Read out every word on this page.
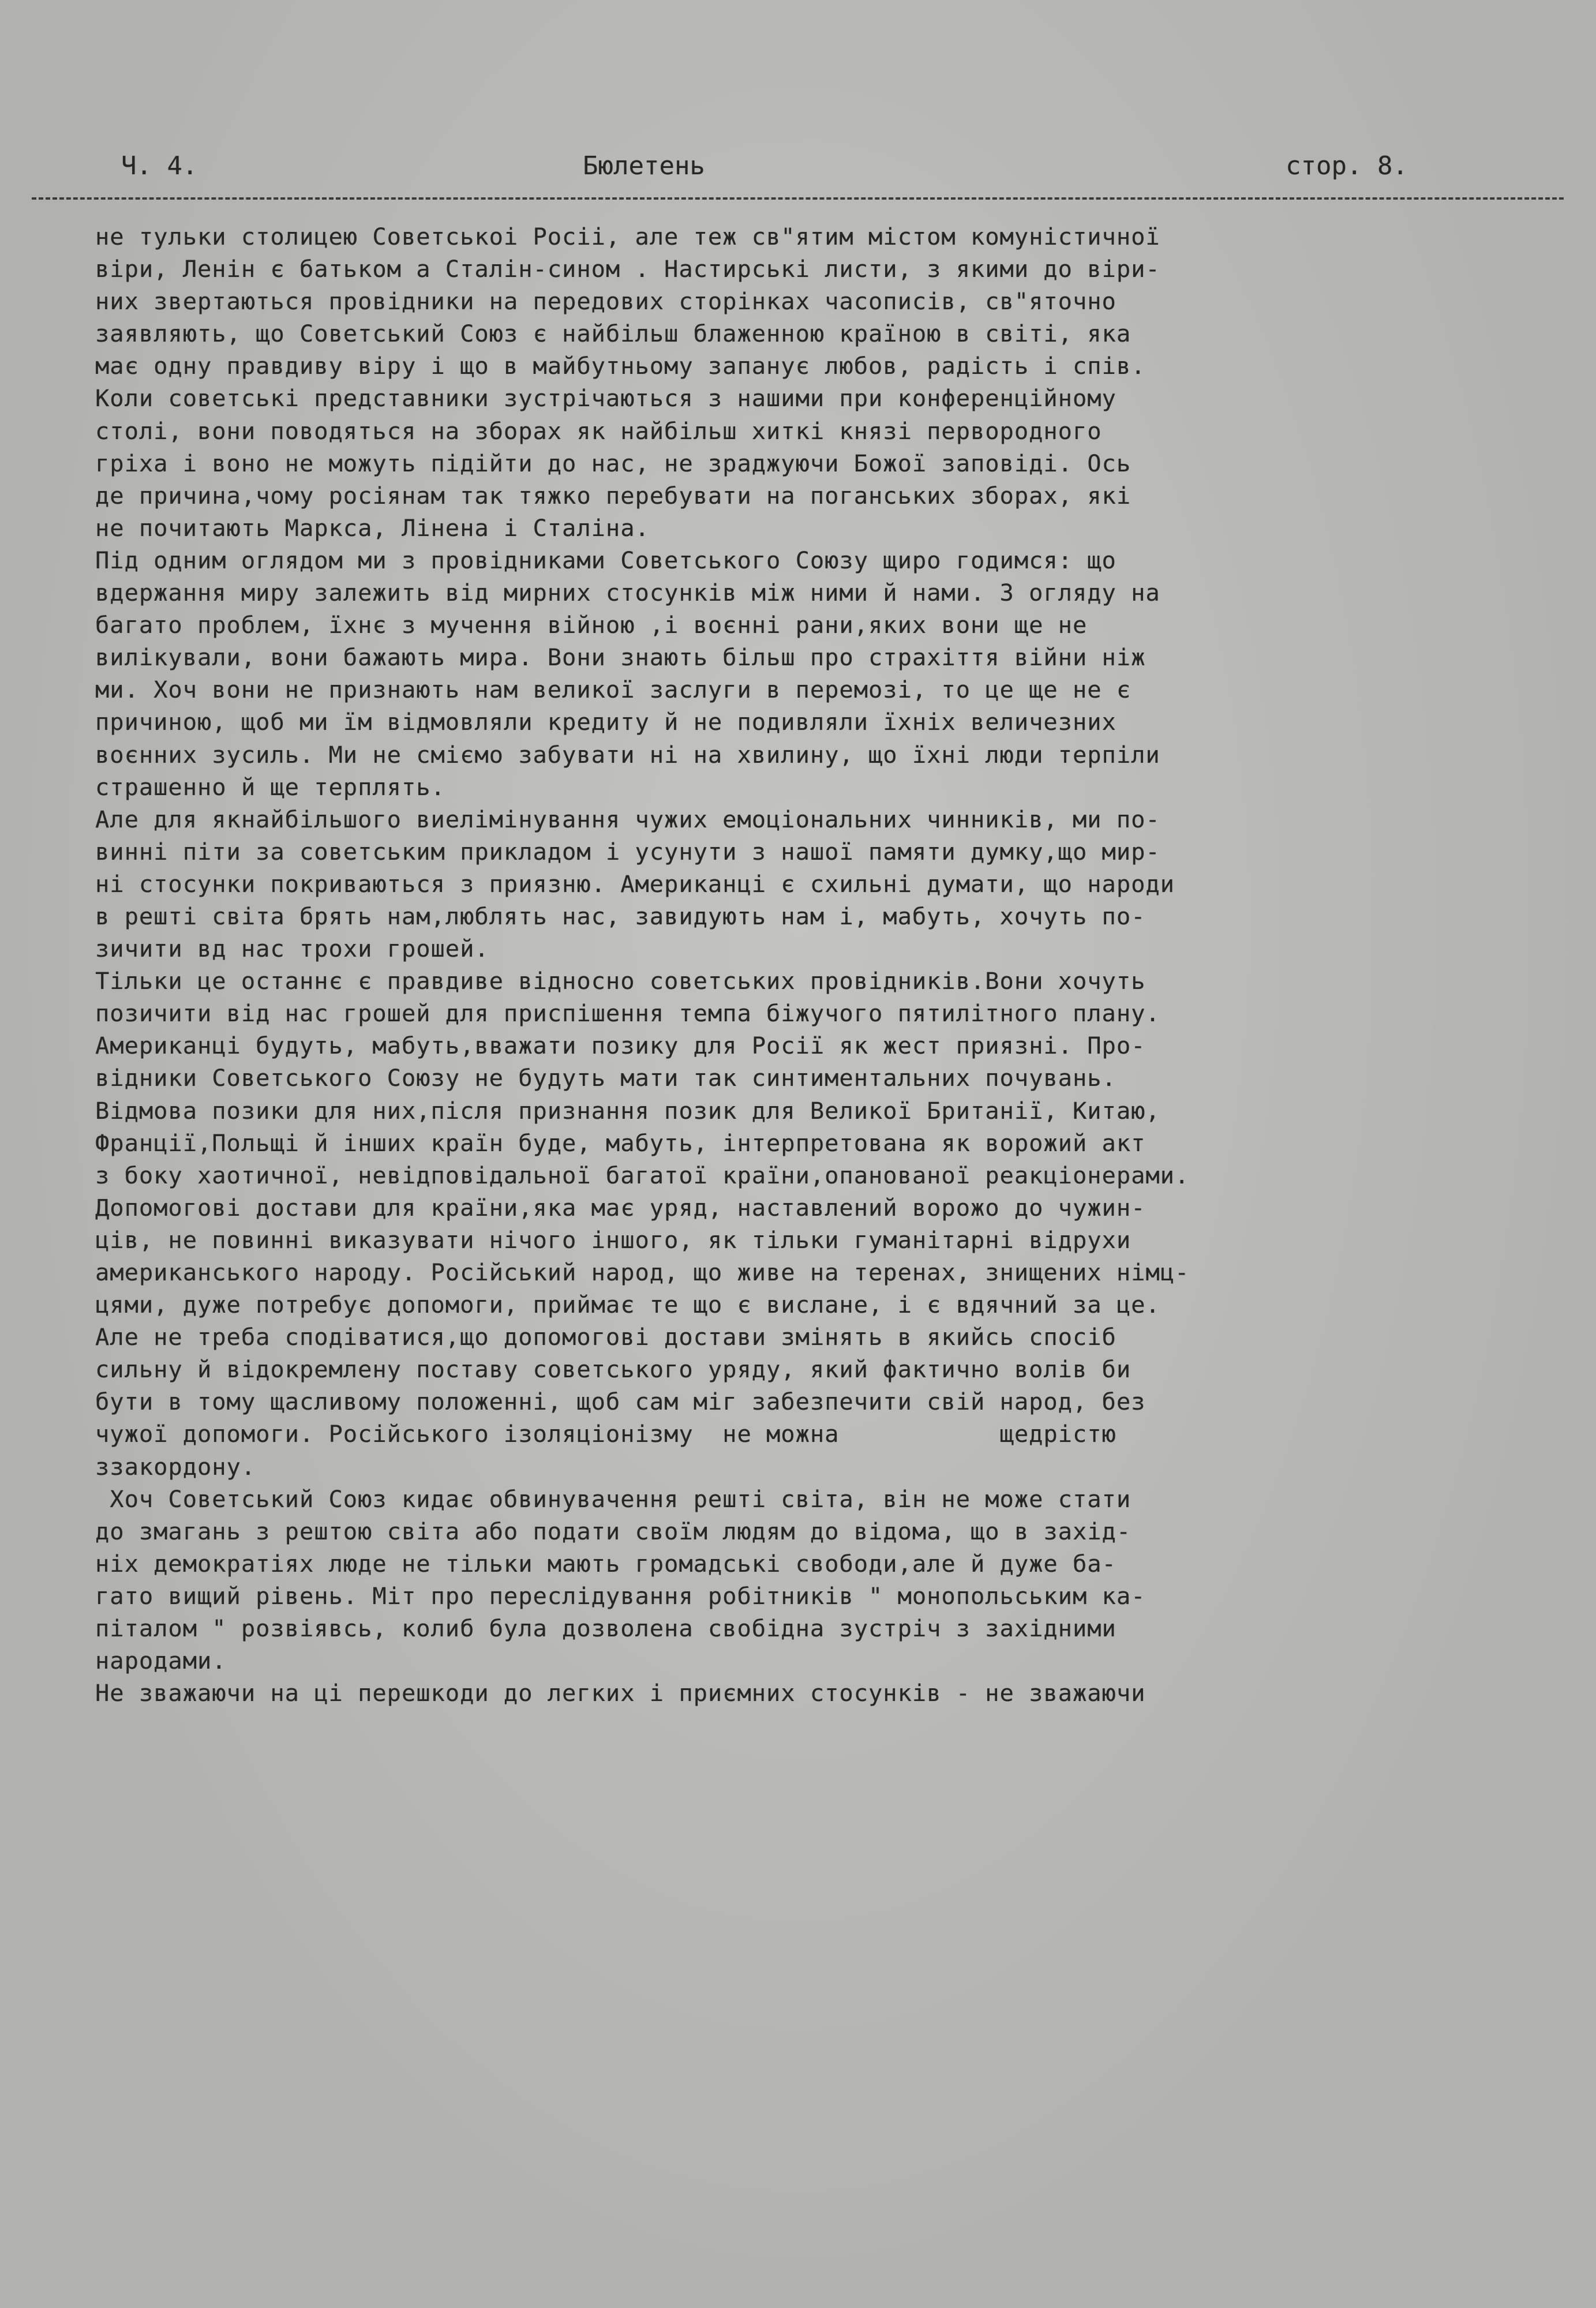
Ч. 4.	Бюлетень	стор. 8.
не тульки столицею Советськоі Росіі, але теж св"ятим містом комуністичної
віри, Ленін є батьком а Сталін-сином . Настирські листи, з якими до віри-
них звертаються провідники на передових сторінках часописів, св"яточно
заявляють, що Советський Союз є найбільш блаженною країною в світі, яка
має одну правдиву віру і що в майбутньому запанує любов, радість і спів.
Коли советські представники зустрічаються з нашими при конференційному
столі, вони поводяться на зборах як найбільш хиткі князі первородного
гріха і воно не можуть підійти до нас, не зраджуючи Божої заповіді. Ось
де причина,чому росіянам так тяжко перебувати на поганських зборах, які
не почитають Маркса, Лінена і Сталіна.
Під одним оглядом ми з провідниками Советського Союзу щиро годимся: що
вдержання миру залежить від мирних стосунків між ними й нами. З огляду на
багато проблем, їхнє з мучення війною ,і воєнні рани,яких вони ще не
вилікували, вони бажають мира. Вони знають більш про страхіття війни ніж
ми. Хоч вони не признають нам великої заслуги в перемозі, то це ще не є
причиною, щоб ми їм відмовляли кредиту й не подивляли їхніх величезних
воєнних зусиль. Ми не сміємо забувати ні на хвилину, що їхні люди терпіли
страшенно й ще терплять.
Але для якнайбільшого виелімінування чужих емоціональних чинників, ми по-
винні піти за советським прикладом і усунути з нашої памяти думку,що мир-
ні стосунки покриваються з приязню. Американці є схильні думати, що народи
в решті світа брять нам,люблять нас, завидують нам і, мабуть, хочуть по-
зичити вд нас трохи грошей.
Тільки це останнє є правдиве відносно советських провідників.Вони хочуть
позичити від нас грошей для приспішення темпа біжучого пятилітного плану.
Американці будуть, мабуть,вважати позику для Росії як жест приязні. Про-
відники Советського Союзу не будуть мати так синтиментальних почувань.
Відмова позики для них,після признання позик для Великої Британії, Китаю,
Франції,Польщі й інших країн буде, мабуть, інтерпретована як ворожий акт
з боку хаотичної, невідповідальної багатої країни,опанованої реакціонерами.
Допомогові достави для країни,яка має уряд, наставлений ворожо до чужин-
ців, не повинні виказувати нічого іншого, як тільки гуманітарні відрухи
американського народу. Російський народ, що живе на теренах, знищених німц-
цями, дуже потребує допомоги, приймає те що є вислане, і є вдячний за це.
Але не треба сподіватися,що допомогові достави змінять в якийсь спосіб
сильну й відокремлену поставу советського уряду, який фактично волів би
бути в тому щасливому положенні, щоб сам міг забезпечити свій народ, без
чужої допомоги. Російського ізоляціонізму  не можна           щедрістю
ззакордону.
Хоч Советський Союз кидає обвинувачення решті світа, він не може стати
до змагань з рештою світа або подати своїм людям до відома, що в захід-
ніх демократіях люде не тільки мають громадські свободи,але й дуже ба-
гато вищий рівень. Міт про переслідування робітників " монопольським ка-
піталом " розвіявсь, колиб була дозволена свобідна зустріч з західними
народами.
Не зважаючи на ці перешкоди до легких і приємних стосунків - не зважаючи
